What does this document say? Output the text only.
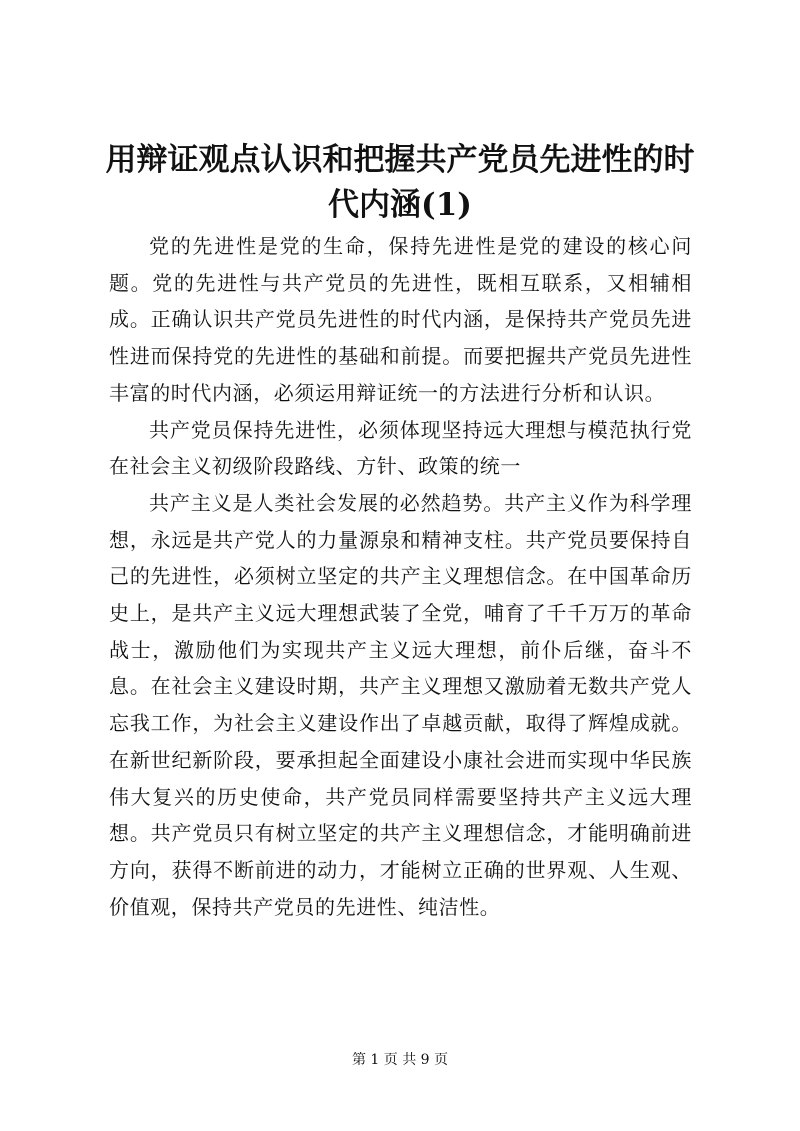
用辩证观点认识和把握共产党员先进性的时代内涵(1)

党的先进性是党的生命，保持先进性是党的建设的核心问题。党的先进性与共产党员的先进性，既相互联系，又相辅相成。正确认识共产党员先进性的时代内涵，是保持共产党员先进性进而保持党的先进性的基础和前提。而要把握共产党员先进性丰富的时代内涵，必须运用辩证统一的方法进行分析和认识。

共产党员保持先进性，必须体现坚持远大理想与模范执行党在社会主义初级阶段路线、方针、政策的统一

共产主义是人类社会发展的必然趋势。共产主义作为科学理想，永远是共产党人的力量源泉和精神支柱。共产党员要保持自己的先进性，必须树立坚定的共产主义理想信念。在中国革命历史上，是共产主义远大理想武装了全党，哺育了千千万万的革命战士，激励他们为实现共产主义远大理想，前仆后继，奋斗不息。在社会主义建设时期，共产主义理想又激励着无数共产党人忘我工作，为社会主义建设作出了卓越贡献，取得了辉煌成就。在新世纪新阶段，要承担起全面建设小康社会进而实现中华民族伟大复兴的历史使命，共产党员同样需要坚持共产主义远大理想。共产党员只有树立坚定的共产主义理想信念，才能明确前进方向，获得不断前进的动力，才能树立正确的世界观、人生观、价值观，保持共产党员的先进性、纯洁性。

第 1 页 共 9 页
